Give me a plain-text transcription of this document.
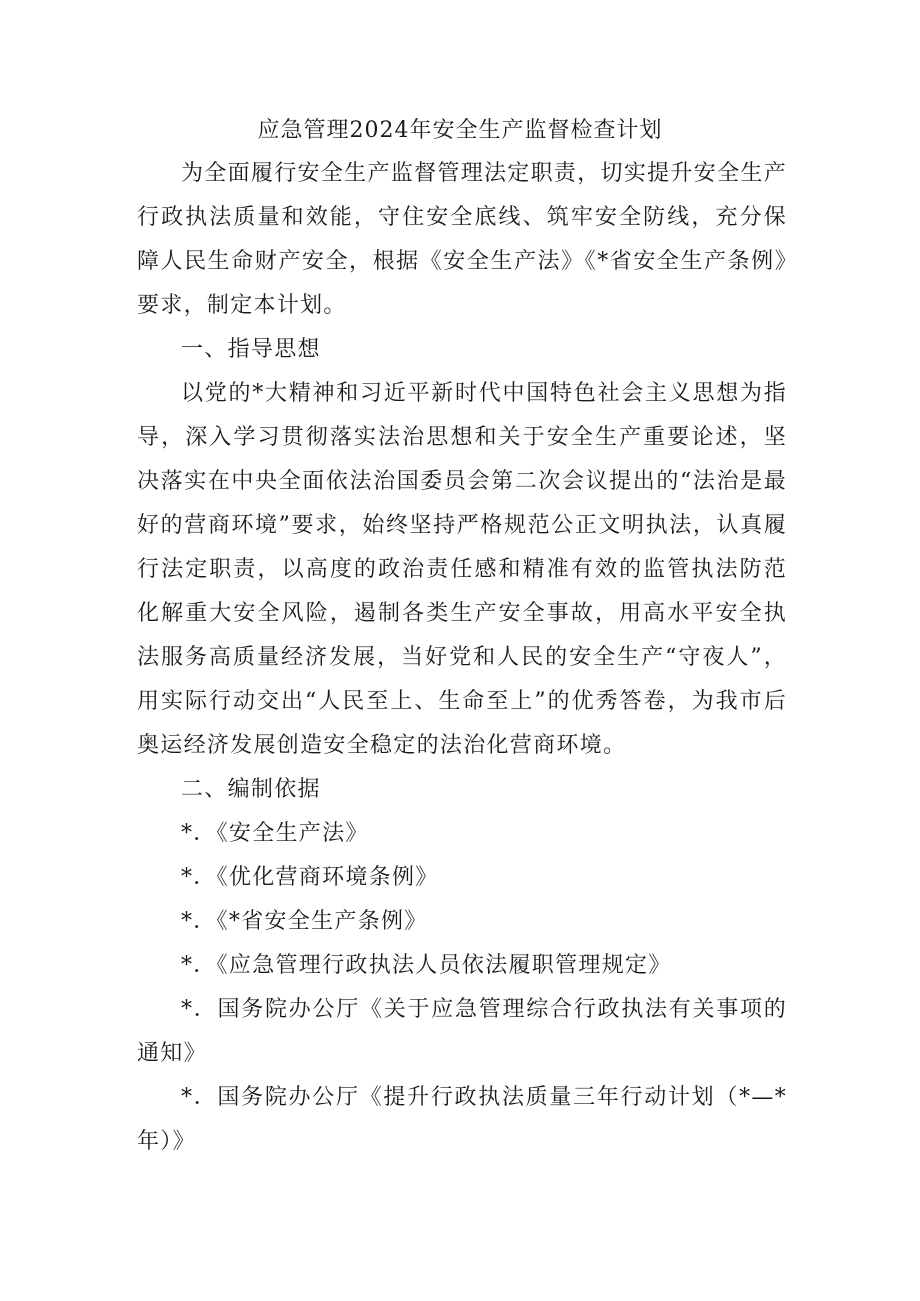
应急管理2024年安全生产监督检查计划

为全面履行安全生产监督管理法定职责，切实提升安全生产行政执法质量和效能，守住安全底线、筑牢安全防线，充分保障人民生命财产安全，根据《安全生产法》《*省安全生产条例》要求，制定本计划。

一、指导思想

以党的*大精神和习近平新时代中国特色社会主义思想为指导，深入学习贯彻落实法治思想和关于安全生产重要论述，坚决落实在中央全面依法治国委员会第二次会议提出的“法治是最好的营商环境”要求，始终坚持严格规范公正文明执法，认真履行法定职责，以高度的政治责任感和精准有效的监管执法防范化解重大安全风险，遏制各类生产安全事故，用高水平安全执法服务高质量经济发展，当好党和人民的安全生产“守夜人”，用实际行动交出“人民至上、生命至上”的优秀答卷，为我市后奥运经济发展创造安全稳定的法治化营商环境。

二、编制依据

*．《安全生产法》

*．《优化营商环境条例》

*．《*省安全生产条例》

*．《应急管理行政执法人员依法履职管理规定》

*．国务院办公厅《关于应急管理综合行政执法有关事项的通知》

*．国务院办公厅《提升行政执法质量三年行动计划（*—*年）》
